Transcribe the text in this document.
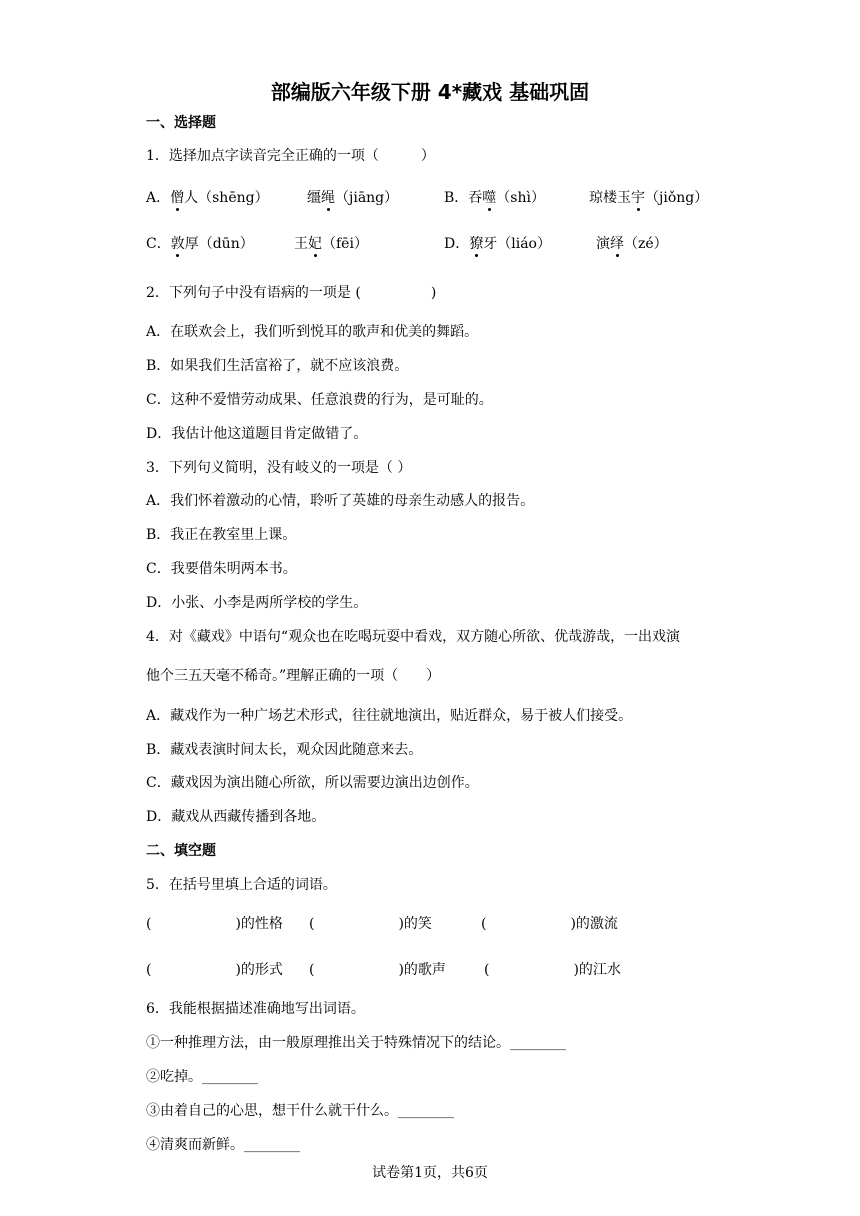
部编版六年级下册 4*藏戏 基础巩固
一、选择题
1．选择加点字读音完全正确的一项（　　　）
A．僧人（shēng）	缰绳（jiāng）	B．吞噬（shì）	琼楼玉宇（jiǒng）
C．敦厚（dūn）	王妃（fēi）	D．獠牙（liáo）	演绎（zé）
2．下列句子中没有语病的一项是 (　　　　　)
A．在联欢会上，我们听到悦耳的歌声和优美的舞蹈。
B．如果我们生活富裕了，就不应该浪费。
C．这种不爱惜劳动成果、任意浪费的行为，是可耻的。
D．我估计他这道题目肯定做错了。
3．下列句义简明，没有岐义的一项是（ ）
A．我们怀着激动的心情，聆听了英雄的母亲生动感人的报告。
B．我正在教室里上课。
C．我要借朱明两本书。
D．小张、小李是两所学校的学生。
4．对《藏戏》中语句“观众也在吃喝玩耍中看戏，双方随心所欲、优哉游哉，一出戏演
他个三五天毫不稀奇。”理解正确的一项（　　）
A．藏戏作为一种广场艺术形式，往往就地演出，贴近群众，易于被人们接受。
B．藏戏表演时间太长，观众因此随意来去。
C．藏戏因为演出随心所欲，所以需要边演出边创作。
D．藏戏从西藏传播到各地。
二、填空题
5．在括号里填上合适的词语。
(　　　　　　)的性格 (　　　　　　)的笑	(　　　　　　)的激流
(　　　　　　)的形式 (　　　　　　)的歌声	(　　　　　　)的江水
6．我能根据描述准确地写出词语。
①一种推理方法，由一般原理推出关于特殊情况下的结论。________
②吃掉。________
③由着自己的心思，想干什么就干什么。________
④清爽而新鲜。________
试卷第1页，共6页
